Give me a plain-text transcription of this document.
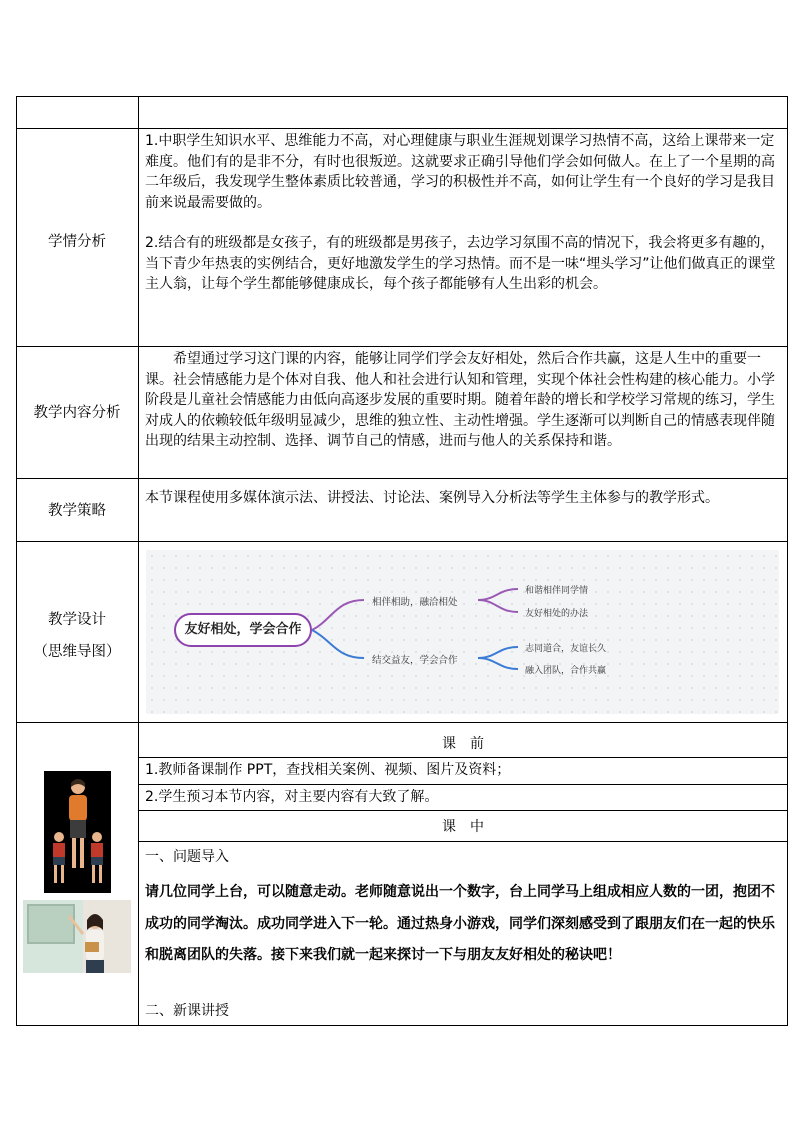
学情分析
1.中职学生知识水平、思维能力不高，对心理健康与职业生涯规划课学习热情不高，这给上课带来一定难度。他们有的是非不分，有时也很叛逆。这就要求正确引导他们学会如何做人。在上了一个星期的高二年级后，我发现学生整体素质比较普通，学习的积极性并不高，如何让学生有一个良好的学习是我目前来说最需要做的。
2.结合有的班级都是女孩子，有的班级都是男孩子，去边学习氛围不高的情况下，我会将更多有趣的，当下青少年热衷的实例结合，更好地激发学生的学习热情。而不是一味“埋头学习”让他们做真正的课堂主人翁，让每个学生都能够健康成长，每个孩子都能够有人生出彩的机会。
教学内容分析
希望通过学习这门课的内容，能够让同学们学会友好相处，然后合作共赢，这是人生中的重要一课。社会情感能力是个体对自我、他人和社会进行认知和管理，实现个体社会性构建的核心能力。小学阶段是儿童社会情感能力由低向高逐步发展的重要时期。随着年龄的增长和学校学习常规的练习，学生对成人的依赖较低年级明显减少，思维的独立性、主动性增强。学生逐渐可以判断自己的情感表现伴随出现的结果主动控制、选择、调节自己的情感，进而与他人的关系保持和谐。
教学策略
本节课程使用多媒体演示法、讲授法、讨论法、案例导入分析法等学生主体参与的教学形式。
教学设计
（思维导图）
友好相处，学会合作
相伴相助，融洽相处
结交益友，学会合作
和谐相伴同学情
友好相处的办法
志同道合，友谊长久
融入团队，合作共赢
课　前
1.教师备课制作 PPT，查找相关案例、视频、图片及资料；
2.学生预习本节内容，对主要内容有大致了解。
课　中
一、问题导入
请几位同学上台，可以随意走动。老师随意说出一个数字，台上同学马上组成相应人数的一团，抱团不成功的同学淘汰。成功同学进入下一轮。通过热身小游戏，同学们深刻感受到了跟朋友们在一起的快乐和脱离团队的失落。接下来我们就一起来探讨一下与朋友友好相处的秘诀吧！
二、新课讲授
